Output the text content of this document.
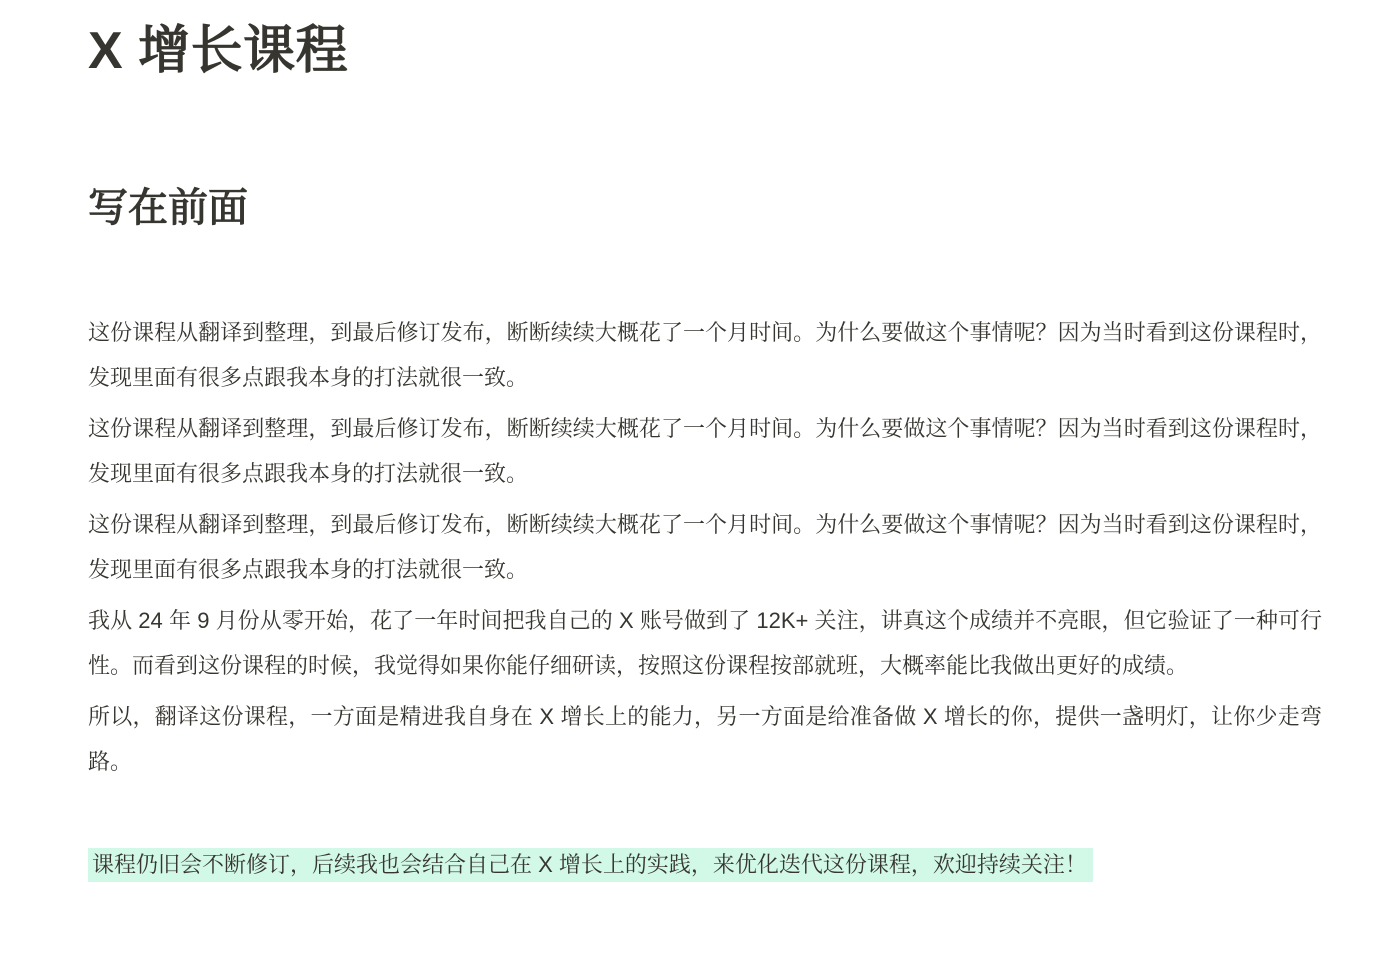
X 增长课程
写在前面

这份课程从翻译到整理，到最后修订发布，断断续续大概花了一个月时间。为什么要做这个事情呢？因为当时看到这份课程时，发现里面有很多点跟我本身的打法就很一致。

这份课程从翻译到整理，到最后修订发布，断断续续大概花了一个月时间。为什么要做这个事情呢？因为当时看到这份课程时，发现里面有很多点跟我本身的打法就很一致。

这份课程从翻译到整理，到最后修订发布，断断续续大概花了一个月时间。为什么要做这个事情呢？因为当时看到这份课程时，发现里面有很多点跟我本身的打法就很一致。

我从 24 年 9 月份从零开始，花了一年时间把我自己的 X 账号做到了 12K+ 关注，讲真这个成绩并不亮眼，但它验证了一种可行性。而看到这份课程的时候，我觉得如果你能仔细研读，按照这份课程按部就班，大概率能比我做出更好的成绩。

所以，翻译这份课程，一方面是精进我自身在 X 增长上的能力，另一方面是给准备做 X 增长的你，提供一盏明灯，让你少走弯路。

课程仍旧会不断修订，后续我也会结合自己在 X 增长上的实践，来优化迭代这份课程，欢迎持续关注！
